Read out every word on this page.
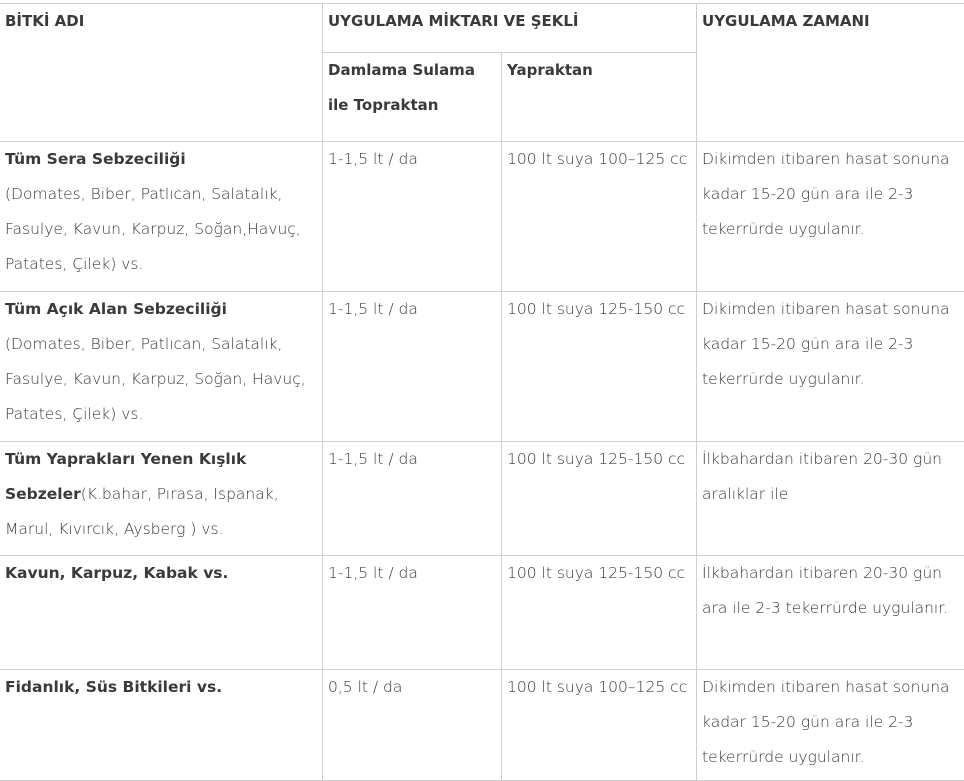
BİTKİ ADI	UYGULAMA MİKTARI VE ŞEKLİ		UYGULAMA ZAMANI
	Damlama Sulama ile Topraktan	Yapraktan	
Tüm Sera Sebzeciliği
(Domates, Biber, Patlıcan, Salatalık, Fasulye, Kavun, Karpuz, Soğan,Havuç, Patates, Çilek) vs.	1-1,5 lt / da	100 lt suya 100–125 cc	Dikimden itibaren hasat sonuna kadar 15-20 gün ara ile 2-3 tekerrürde uygulanır.
Tüm Açık Alan Sebzeciliği
(Domates, Biber, Patlıcan, Salatalık, Fasulye, Kavun, Karpuz, Soğan, Havuç, Patates, Çilek) vs.	1-1,5 lt / da	100 lt suya 125-150 cc	Dikimden itibaren hasat sonuna kadar 15-20 gün ara ile 2-3 tekerrürde uygulanır.
Tüm Yaprakları Yenen Kışlık Sebzeler(K.bahar, Pırasa, Ispanak, Marul, Kıvırcık, Aysberg ) vs.	1-1,5 lt / da	100 lt suya 125-150 cc	İlkbahardan itibaren 20-30 gün aralıklar ile
Kavun, Karpuz, Kabak vs.	1-1,5 lt / da	100 lt suya 125-150 cc	İlkbahardan itibaren 20-30 gün ara ile 2-3 tekerrürde uygulanır.
Fidanlık, Süs Bitkileri vs.	0,5 lt / da	100 lt suya 100–125 cc	Dikimden itibaren hasat sonuna kadar 15-20 gün ara ile 2-3 tekerrürde uygulanır.
